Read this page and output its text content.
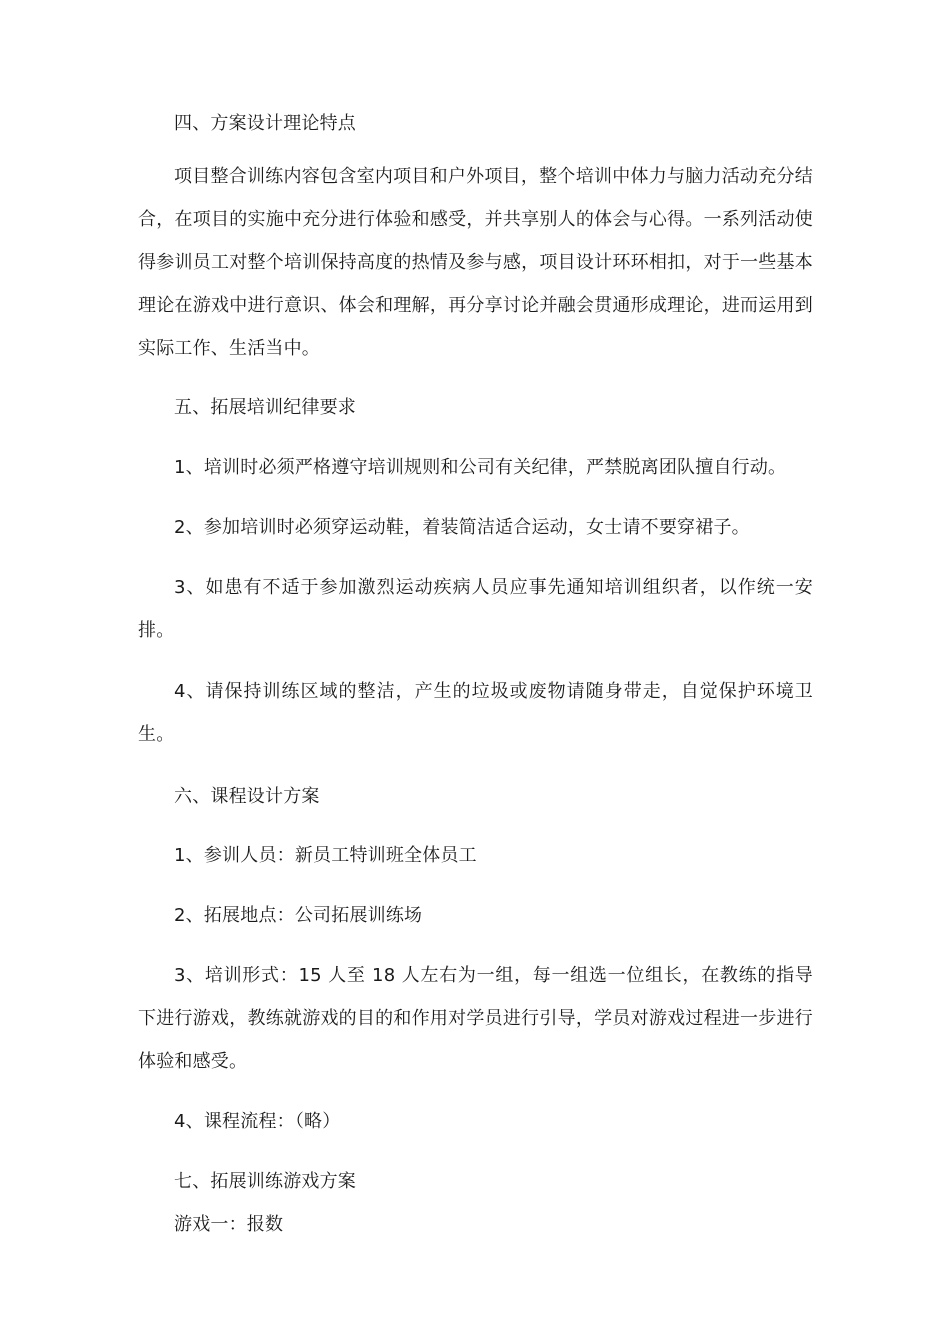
四、方案设计理论特点

项目整合训练内容包含室内项目和户外项目，整个培训中体力与脑力活动充分结合，在项目的实施中充分进行体验和感受，并共享别人的体会与心得。一系列活动使得参训员工对整个培训保持高度的热情及参与感，项目设计环环相扣，对于一些基本理论在游戏中进行意识、体会和理解，再分享讨论并融会贯通形成理论，进而运用到实际工作、生活当中。

五、拓展培训纪律要求

1、培训时必须严格遵守培训规则和公司有关纪律，严禁脱离团队擅自行动。

2、参加培训时必须穿运动鞋，着装简洁适合运动，女士请不要穿裙子。

3、如患有不适于参加激烈运动疾病人员应事先通知培训组织者，以作统一安排。

4、请保持训练区域的整洁，产生的垃圾或废物请随身带走，自觉保护环境卫生。

六、课程设计方案

1、参训人员：新员工特训班全体员工

2、拓展地点：公司拓展训练场

3、培训形式：15 人至 18 人左右为一组，每一组选一位组长，在教练的指导下进行游戏，教练就游戏的目的和作用对学员进行引导，学员对游戏过程进一步进行体验和感受。

4、课程流程：（略）

七、拓展训练游戏方案

游戏一：报数
